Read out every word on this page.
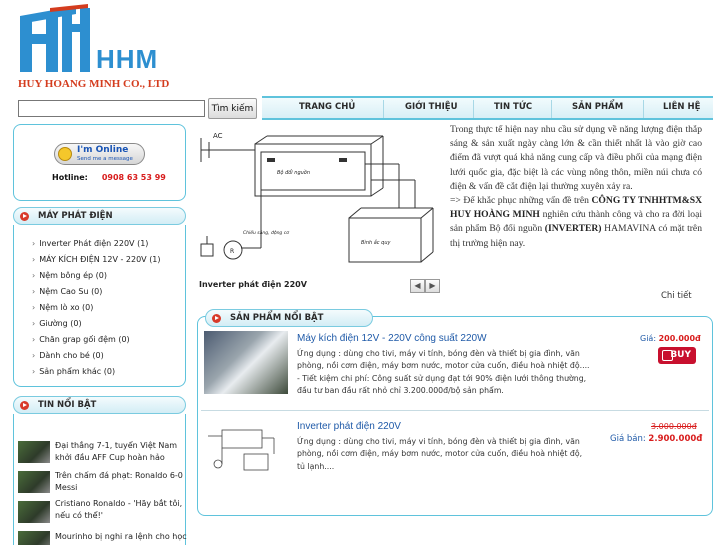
HHM
HUY HOANG MINH CO., LTD
Tìm kiếm	TRANG CHỦ	GIỚI THIỆU	TIN TỨC	SẢN PHẨM	LIÊN HỆ
I'm Online
Send me a message
Hotline: 0908 63 53 99
MÁY PHÁT ĐIỆN
› Inverter Phát điện 220V (1)
› MÁY KÍCH ĐIỆN 12V - 220V (1)
› Nệm bông ép (0)
› Nệm Cao Su (0)
› Nệm lò xo (0)
› Giường (0)
› Chăn grap gối đệm (0)
› Dành cho bé (0)
› Sản phẩm khác (0)
TIN NỔI BẬT
Đại thắng 7-1, tuyển Việt Nam khởi đầu AFF Cup hoàn hảo
Trên chấm đá phạt: Ronaldo 6-0 Messi
Cristiano Ronaldo - 'Hãy bắt tôi, nếu có thể!'
Mourinho bị nghi ra lệnh cho học
AC
Bộ đổi nguồn
Bình ắc quy
Chiếu sáng, động cơ
R
Inverter phát điện 220V	◀	▶
Trong thực tế hiện nay nhu cầu sử dụng về năng lượng điện thắp sáng & sản xuất ngày càng lớn & cần thiết nhất là vào giờ cao điểm đã vượt quá khả năng cung cấp và điều phối của mạng điện lưới quốc gia, đặc biệt là các vùng nông thôn, miền núi chưa có điện & vấn đề cắt điện lại thường xuyên xảy ra.
=> Để khắc phục những vấn đề trên CÔNG TY TNHHTM&SX HUY HOÀNG MINH nghiên cứu thành công và cho ra đời loại sản phẩm Bộ đổi nguồn (INVERTER) HAMAVINA có mặt trên thị trường hiện nay.
Chi tiết
SẢN PHẨM NỔI BẬT
Máy kích điện 12V - 220V công suất 220W
Ứng dụng : dùng cho tivi, máy vi tính, bóng đèn và thiết bị gia đình, văn phòng, nồi cơm điện, máy bơm nước, motor cửa cuốn, điều hoà nhiệt độ....
- Tiết kiệm chi phí: Công suất sử dụng đạt tới 90% điện lưới thông thường, đầu tư ban đầu rất nhỏ chỉ 3.200.000đ/bộ sản phẩm.
Giá: 200.000đ
BUY
Inverter phát điện 220V
Ứng dụng : dùng cho tivi, máy vi tính, bóng đèn và thiết bị gia đình, văn phòng, nồi cơm điện, máy bơm nước, motor cửa cuốn, điều hoà nhiệt độ, tủ lạnh....
3.000.000đ
Giá bán: 2.900.000đ
